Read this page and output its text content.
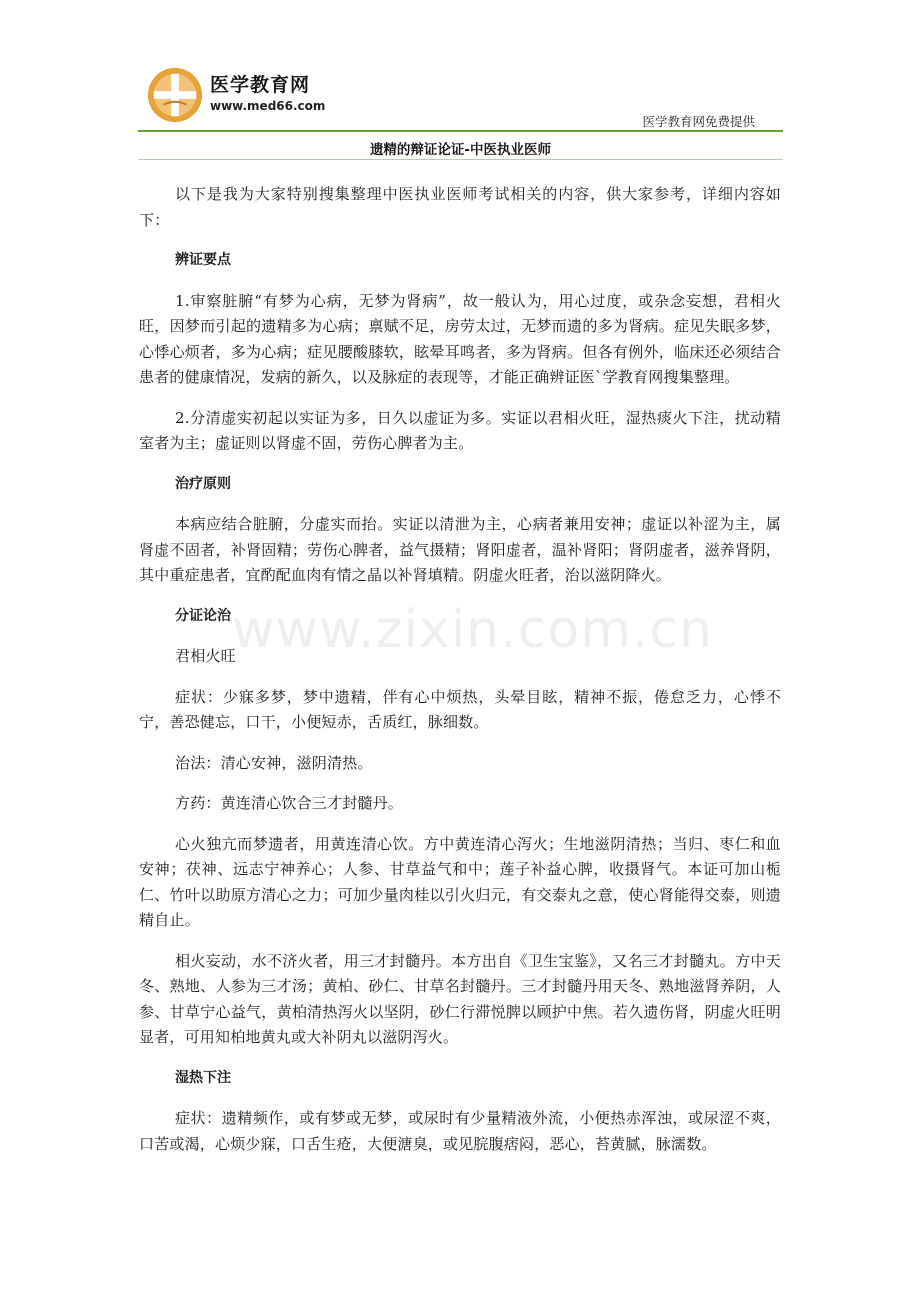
医学教育网
www.med66.com
医学教育网免费提供
遗精的辩证论证-中医执业医师
www.zixin.com.cn

以下是我为大家特别搜集整理中医执业医师考试相关的内容，供大家参考，详细内容如下：

辨证要点

1.审察脏腑“有梦为心病，无梦为肾病”，故一般认为，用心过度，或杂念妄想，君相火旺，因梦而引起的遗精多为心病；禀赋不足，房劳太过，无梦而遗的多为肾病。症见失眠多梦，心悸心烦者，多为心病；症见腰酸膝软，眩晕耳鸣者，多为肾病。但各有例外，临床还必须结合患者的健康情况，发病的新久，以及脉症的表现等，才能正确辨证医`学教育网搜集整理。

2.分清虚实初起以实证为多，日久以虚证为多。实证以君相火旺，湿热痰火下注，扰动精室者为主；虚证则以肾虚不固，劳伤心脾者为主。

治疗原则

本病应结合脏腑，分虚实而抬。实证以清泄为主，心病者兼用安神；虚证以补涩为主，属肾虚不固者，补肾固精；劳伤心脾者，益气摄精；肾阳虚者，温补肾阳；肾阴虚者，滋养肾阴，其中重症患者，宜酌配血肉有情之晶以补肾填精。阴虚火旺者，治以滋阴降火。

分证论治

君相火旺

症状：少寐多梦，梦中遗精，伴有心中烦热，头晕目眩，精神不振，倦怠乏力，心悸不宁，善恐健忘，口干，小便短赤，舌质红，脉细数。

治法：清心安神，滋阴清热。

方药：黄连清心饮合三才封髓丹。

心火独亢而梦遗者，用黄连清心饮。方中黄连清心泻火；生地滋阴清热；当归、枣仁和血安神；茯神、远志宁神养心；人参、甘草益气和中；莲子补益心脾，收摄肾气。本证可加山栀仁、竹叶以助原方清心之力；可加少量肉桂以引火归元，有交泰丸之意，使心肾能得交泰，则遗精自止。

相火妄动，水不济火者，用三才封髓丹。本方出自《卫生宝鉴》，又名三才封髓丸。方中天冬、熟地、人参为三才汤；黄柏、砂仁、甘草名封髓丹。三才封髓丹用天冬、熟地滋肾养阴，人参、甘草宁心益气，黄柏清热泻火以坚阴，砂仁行滞悦脾以顾护中焦。若久遗伤肾，阴虚火旺明显者，可用知柏地黄丸或大补阴丸以滋阴泻火。

湿热下注

症状：遗精频作，或有梦或无梦，或尿时有少量精液外流，小便热赤浑浊，或尿涩不爽，口苦或渴，心烦少寐，口舌生疮，大便溏臭，或见脘腹痞闷，恶心，苔黄腻，脉濡数。
